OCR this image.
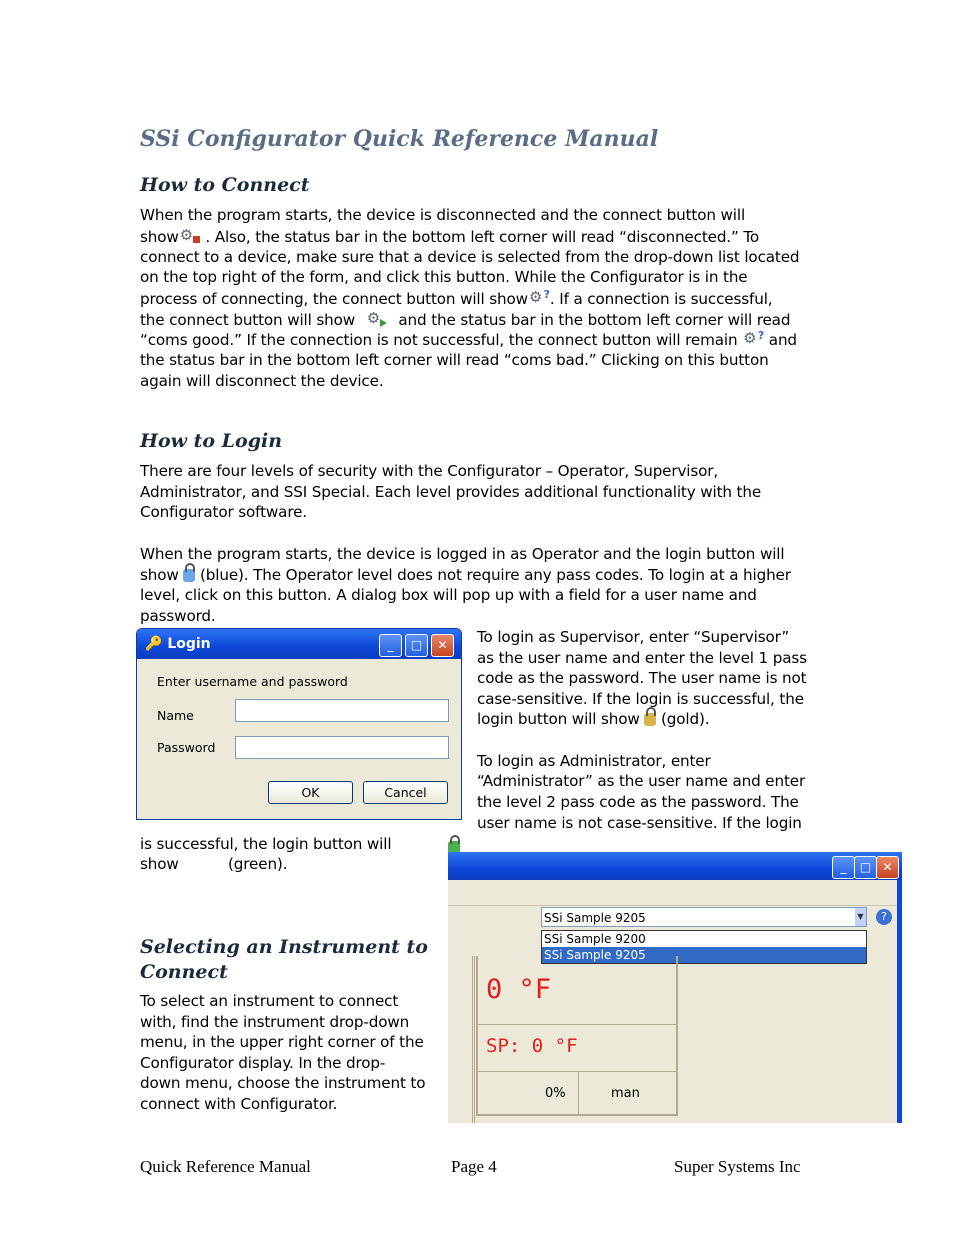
SSi Configurator Quick Reference Manual
How to Connect
When the program starts, the device is disconnected and the connect button will
show ⚙ . Also, the status bar in the bottom left corner will read “disconnected.” To
connect to a device, make sure that a device is selected from the drop-down list located
on the top right of the form, and click this button. While the Configurator is in the
process of connecting, the connect button will show ⚙ ? . If a connection is successful,
the connect button will show ⚙ and the status bar in the bottom left corner will read
“coms good.” If the connection is not successful, the connect button will remain ⚙ ? and
the status bar in the bottom left corner will read “coms bad.” Clicking on this button
again will disconnect the device.
How to Login
There are four levels of security with the Configurator – Operator, Supervisor,
Administrator, and SSI Special. Each level provides additional functionality with the
Configurator software.
When the program starts, the device is logged in as Operator and the login button will
show (blue). The Operator level does not require any pass codes. To login at a higher
level, click on this button. A dialog box will pop up with a field for a user name and
password.
🔑 Login	_	□	✕
Enter username and password
Name
Password
OK	Cancel
To login as Supervisor, enter “Supervisor”
as the user name and enter the level 1 pass
code as the password. The user name is not
case-sensitive. If the login is successful, the
login button will show (gold).
To login as Administrator, enter
“Administrator” as the user name and enter
the level 2 pass code as the password. The
user name is not case-sensitive. If the login
is successful, the login button will
show	(green).
Selecting an Instrument to
Connect
To select an instrument to connect
with, find the instrument drop-down
menu, in the upper right corner of the
Configurator display. In the drop-
down menu, choose the instrument to
connect with Configurator.
_	□ ✕
SSi Sample 9205	▼	?
SSi Sample 9200
SSi Sample 9205
0 °F
SP: 0 °F
0%	man
Quick Reference Manual	Page 4	Super Systems Inc
